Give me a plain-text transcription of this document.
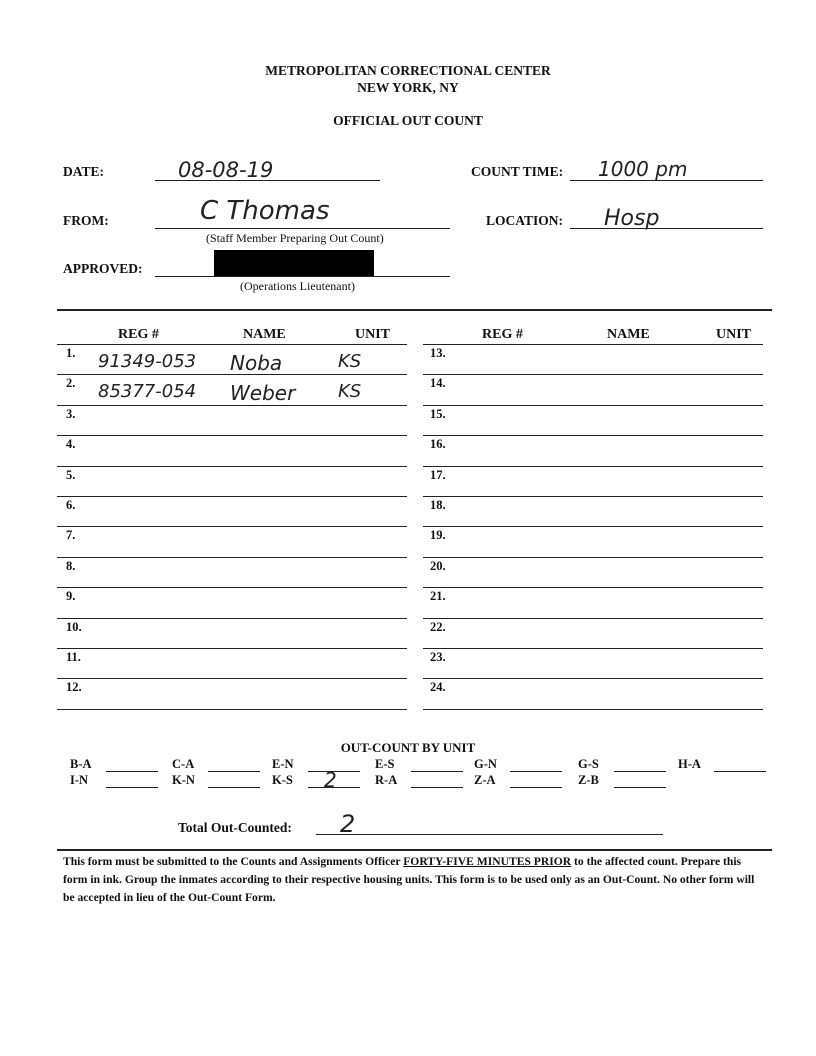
METROPOLITAN CORRECTIONAL CENTER
NEW YORK, NY
OFFICIAL OUT COUNT
DATE:	08-08-19	COUNT TIME: 1000 pm
FROM:	C Thomas
(Staff Member Preparing Out Count)
LOCATION: Hosp
APPROVED:
(Operations Lieutenant)
REG #	NAME	UNIT	REG #	NAME	UNIT
1. 91349-053 Noba	KS
2. 85377-054 Weber KS
3.
4.
5.
6.
7.
8.
9.
10.
11.
12.
13.
14.
15.
16.
17.
18.
19.
20.
21.
22.
23.
24.
OUT-COUNT BY UNIT
B-A	C-A	E-N	E-S	G-N	G-S	H-A
I-N	K-N	K-S 2	R-A	Z-A	Z-B
Total Out-Counted: 2
This form must be submitted to the Counts and Assignments Officer FORTY-FIVE MINUTES PRIOR to the affected count. Prepare this form in ink. Group the inmates according to their respective housing units. This form is to be used only as an Out-Count. No other form will be accepted in lieu of the Out-Count Form.
